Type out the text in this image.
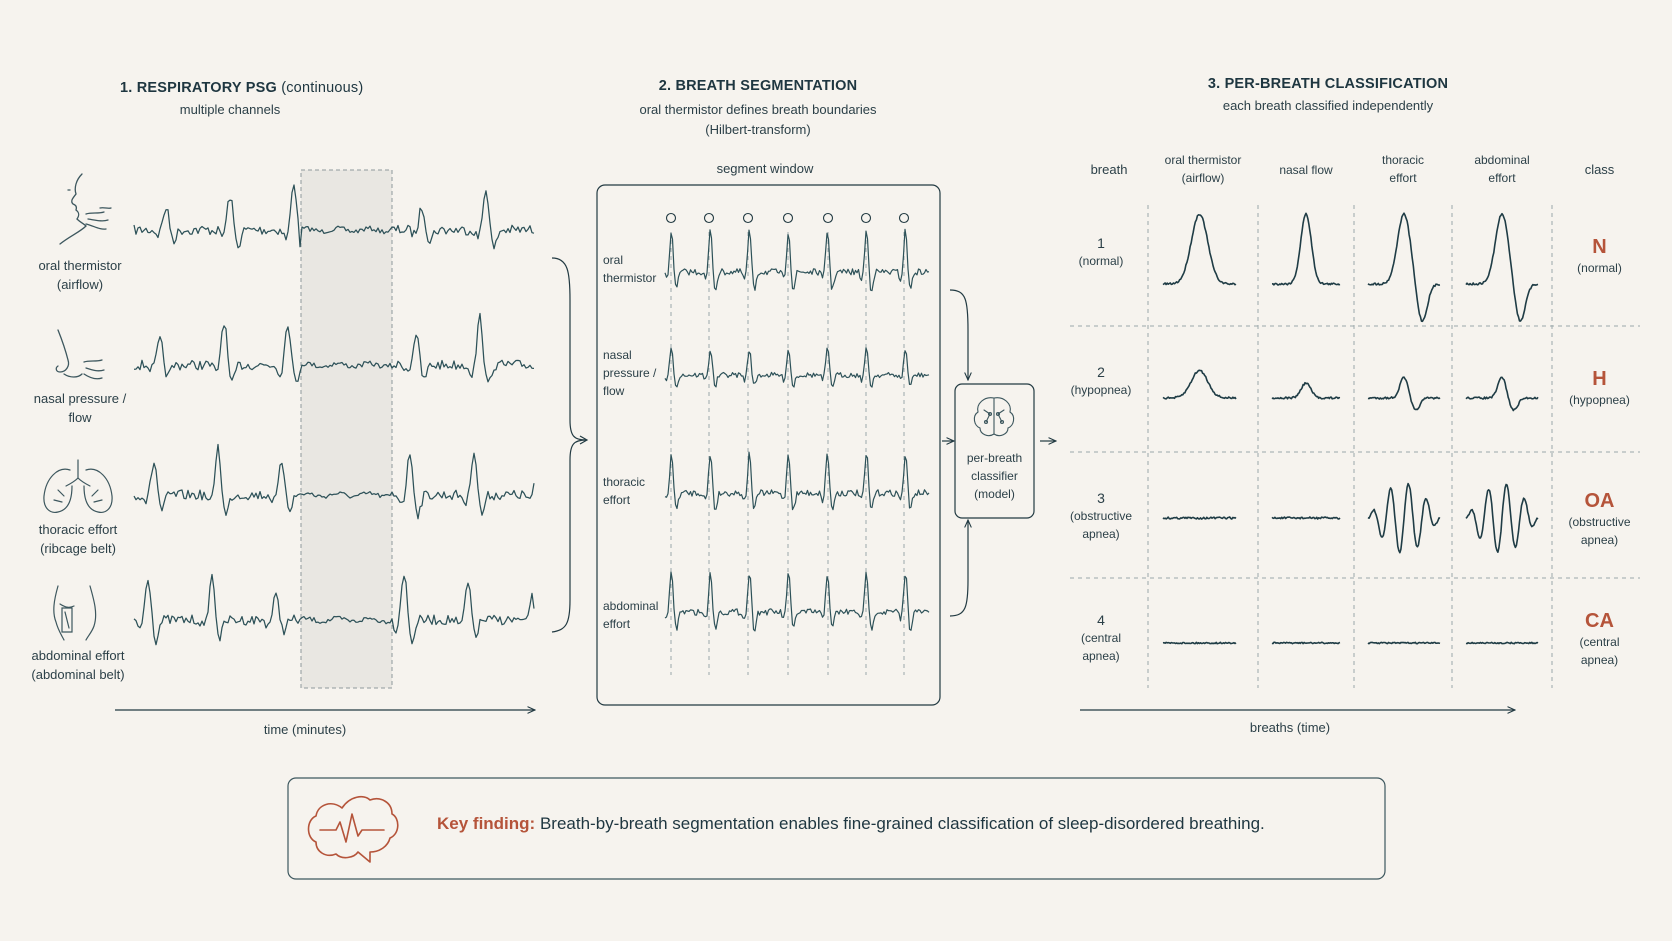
1. RESPIRATORY PSG (continuous)
multiple channels
oral thermistor
(airflow)
nasal pressure /
flow
thoracic effort
(ribcage belt)
abdominal effort
(abdominal belt)
time (minutes)
2. BREATH SEGMENTATION
oral thermistor defines breath boundaries
(Hilbert-transform)
segment window
oral
thermistor
nasal
pressure /
flow
thoracic
effort
abdominal
effort
per-breath
classifier
(model)
3. PER-BREATH CLASSIFICATION
each breath classified independently
breath
oral thermistor
(airflow)
nasal flow
thoracic
effort
abdominal
effort
class
1
(normal)
2
(hypopnea)
3
(obstructive
apnea)
4
(central
apnea)
N
(normal)
H
(hypopnea)
OA
(obstructive
apnea)
CA
(central
apnea)
breaths (time)
Key finding: Breath-by-breath segmentation enables fine-grained classification of sleep-disordered breathing.
